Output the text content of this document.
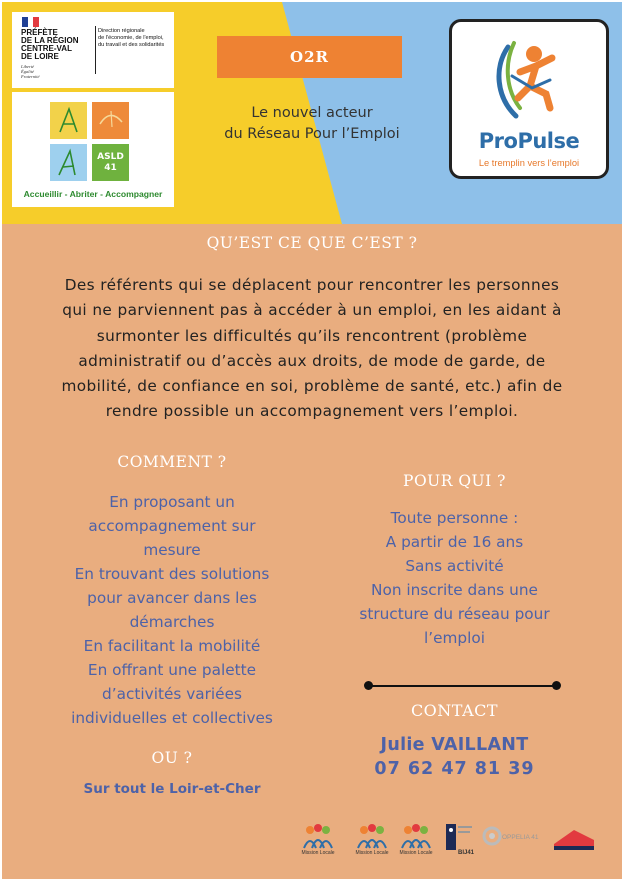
PRÉFÈTE
DE LA RÉGION
CENTRE-VAL
DE LOIRE
Liberté
Égalité
Fraternité
Direction régionale
de l'économie, de l'emploi,
du travail et des solidarités
ASLD
41
Accueillir - Abriter - Accompagner
O2R
Le nouvel acteur
du Réseau Pour l’Emploi	ProPulse
Le tremplin vers l’emploi
QU’EST CE QUE C’EST ?
Des référents qui se déplacent pour rencontrer les personnes
qui ne parviennent pas à accéder à un emploi, en les aidant à
surmonter les difficultés qu’ils rencontrent (problème
administratif ou d’accès aux droits, de mode de garde, de
mobilité, de confiance en soi, problème de santé, etc.) afin de
rendre possible un accompagnement vers l’emploi.
COMMENT ?
En proposant un
accompagnement sur
mesure
En trouvant des solutions
pour avancer dans les
démarches
En facilitant la mobilité
En offrant une palette
d’activités variées
individuelles et collectives
POUR QUI ?
Toute personne :
A partir de 16 ans
Sans activité
Non inscrite dans une
structure du réseau pour
l’emploi
CONTACT
Julie VAILLANT
07 62 47 81 39
OU ?
Sur tout le Loir-et-Cher
Mission Locale	Mission Locale	Mission Locale	BIJ41
OPPELIA 41
